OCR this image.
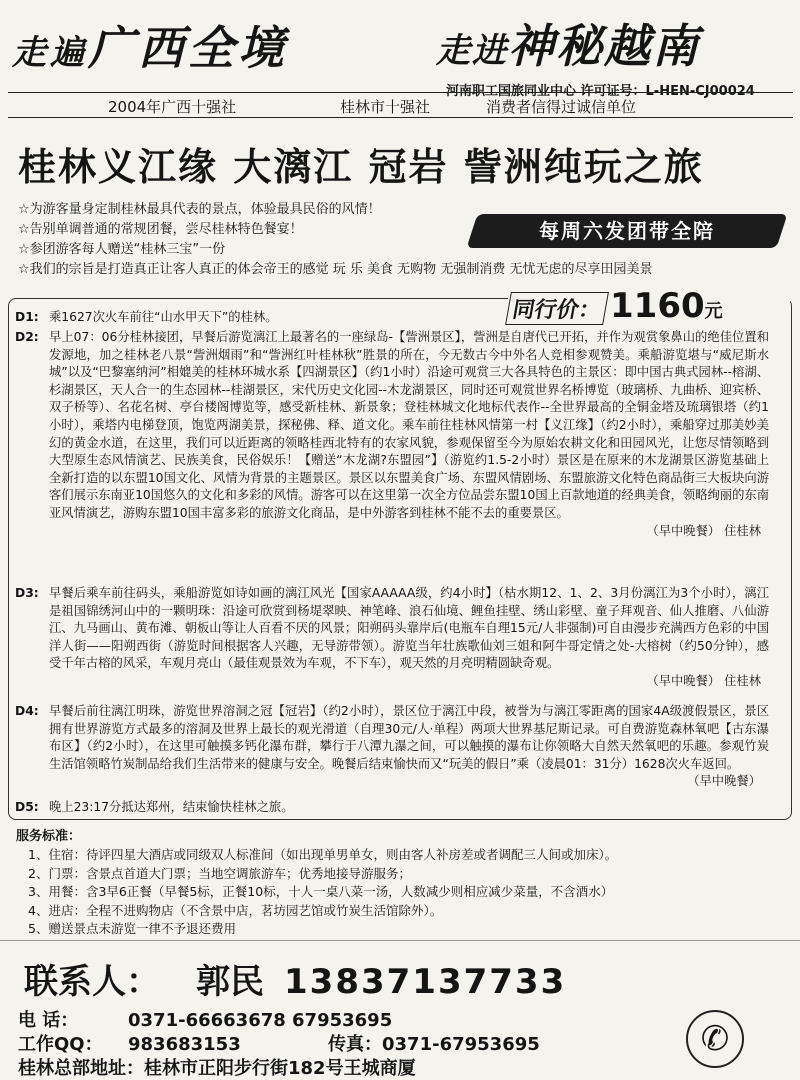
走遍广西全境	走进神秘越南
河南职工国旅同业中心 许可证号：L-HEN-CJ00024
2004年广西十强社	桂林市十强社	消费者信得过诚信单位
桂林义江缘 大漓江 冠岩 訾洲纯玩之旅
☆为游客量身定制桂林最具代表的景点，体验最具民俗的风情！
☆告别单调普通的常规团餐，尝尽桂林特色餐宴！
☆参团游客每人赠送“桂林三宝”一份
☆我们的宗旨是打造真正让客人真正的体会帝王的感觉 玩 乐 美食 无购物 无强制消费 无忧无虑的尽享田园美景
每周六发团带全陪
D1: 乘1627次火车前往“山水甲天下”的桂林。
D2: 早上07：06分桂林接团，早餐后游览漓江上最著名的一座绿岛-【訾洲景区】，訾洲是自唐代已开拓，并作为观赏象鼻山的绝佳位置和发源地，加之桂林老八景“訾洲烟雨”和“訾洲红叶桂林秋”胜景的所在，今无数古今中外名人竞相参观赞美。乘船游览堪与“威尼斯水城”以及“巴黎塞纳河”相媲美的桂林环城水系【四湖景区】（约1小时）沿途可观赏三大各具特色的主景区：即中国古典式园林--榕湖、杉湖景区，天人合一的生态园林--桂湖景区，宋代历史文化园--木龙湖景区，同时还可观赏世界名桥博览（玻璃桥、九曲桥、迎宾桥、双子桥等）、名花名树、亭台楼阁博览等，感受新桂林、新景象；登桂林城文化地标代表作--全世界最高的全铜金塔及琉璃银塔（约1小时），乘塔内电梯登顶，饱览两湖美景，探秘佛、释、道文化。乘车前往桂林风情第一村【义江缘】（约2小时），乘船穿过那美妙美幻的黄金水道，在这里，我们可以近距离的领略桂西北特有的农家风貌，参观保留至今为原始农耕文化和田园风光，让您尽情领略到大型原生态风情演艺、民族美食，民俗娱乐！【赠送“木龙湖?东盟园”】（游览约1.5-2小时）景区是在原来的木龙湖景区游览基础上全新打造的以东盟10国文化、风情为背景的主题景区。景区以东盟美食广场、东盟风情剧场、东盟旅游文化特色商品街三大板块向游客们展示东南亚10国悠久的文化和多彩的风情。游客可以在这里第一次全方位品尝东盟10国上百款地道的经典美食，领略绚丽的东南亚风情演艺，游购东盟10国丰富多彩的旅游文化商品，是中外游客到桂林不能不去的重要景区。
（早中晚餐） 住桂林
D3: 早餐后乘车前往码头，乘船游览如诗如画的漓江风光【国家AAAAA级，约4小时】（枯水期12、1、2、3月份漓江为3个小时），漓江是祖国锦绣河山中的一颗明珠：沿途可欣赏到杨堤翠映、神笔峰、浪石仙境、鲤鱼挂壁、绣山彩壁、童子拜观音、仙人推磨、八仙游江、九马画山、黄布滩、朝板山等让人百看不厌的风景；阳朔码头靠岸后(电瓶车自理15元/人非强制)可自由漫步充满西方色彩的中国洋人街——阳朔西街（游览时间根据客人兴趣，无导游带领）。游览当年壮族歌仙刘三姐和阿牛哥定情之处-大榕树（约50分钟），感受千年古榕的风采，车观月亮山（最佳观景效为车观，不下车），观天然的月亮明精圆缺奇观。
（早中晚餐） 住桂林
D4: 早餐后前往漓江明珠，游览世界溶洞之冠【冠岩】（约2小时），景区位于漓江中段，被誉为与漓江零距离的国家4A级渡假景区，景区拥有世界游览方式最多的溶洞及世界上最长的观光滑道（自理30元/人·单程）两项大世界基尼斯记录。可自费游览森林氧吧【古东瀑布区】（约2小时），在这里可触摸多钙化瀑布群，攀行于八潭九瀑之间，可以触摸的瀑布让你领略大自然天然氧吧的乐趣。参观竹炭生活馆领略竹炭制品给我们生活带来的健康与安全。晚餐后结束愉快而又“玩美的假日”乘（凌晨01：31分）1628次火车返回。
（早中晚餐）
D5: 晚上23:17分抵达郑州，结束愉快桂林之旅。
同行价： 1160元
服务标准：
1、住宿：待评四星大酒店或同级双人标准间（如出现单男单女，则由客人补房差或者调配三人间或加床）。
2、门票：含景点首道大门票；当地空调旅游车；优秀地接导游服务；
3、用餐：含3早6正餐（早餐5标，正餐10标，十人一桌八菜一汤，人数减少则相应减少菜量，不含酒水）
4、进店：全程不进购物店（不含景中店，茗坊园艺馆或竹炭生活馆除外）。
5、赠送景点未游览一律不予退还费用
联系人： 郭民 13837137733
电 话：	0371-66663678 67953695
工作QQ： 983683153	传真：0371-67953695
桂林总部地址：桂林市正阳步行街182号王城商厦
✆
